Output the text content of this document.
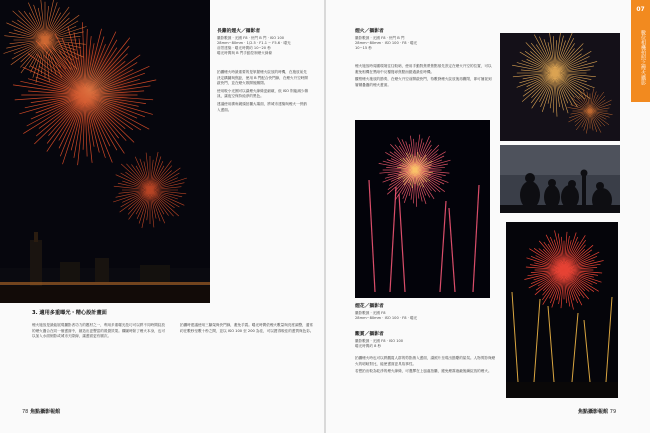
長灘的煙火／攝影者
攝影數據 · 光圈 F8 · 快門 B 門 · ISO 100
28mm~80mm · 1/2.5 · F1.1 ~ F5.6 · 曝光
前景建築 · 曝光時間約 10~20 秒
曝光時間與 B 門手動控制煙火線條

拍攝煙火時最重要的是掌握煙火綻放的時機，在施放前先決定構圖與焦距，使用 B 門配合快門線，在煙火升空時開啟快門，並在煙火散開後關閉。

使用較小光圈可以讓煙火線條更細緻，低 ISO 則能減少雜訊，讓夜空保持純淨的黑色。

建議使用廣角鏡頭拍攝大場面，將城市建築與煙火一併納入畫面。

3. 適用多重曝光・精心設計畫面
煙火施放是最能展現攝影者功力的題材之一，利用多重曝光技巧可以將不同時間綻放的煙火疊合在同一個畫面中，創造出更豐富的視覺效果。構圖時除了煙火本身，也可以加入水面倒影或城市天際線，讓畫面更有層次。
拍攝時建議使用三腳架與快門線，避免手震。曝光時間依煙火數量與亮度調整，通常約在數秒至數十秒之間，並以 ISO 100 至 200 為佳，可以獲得較佳的畫質與色彩。
78 焦點攝影報館
煙火／攝影者
攝影數據 · 光圈 F8 · 快門 B 門
28mm~80mm · ISO 100 · F8 · 曝光
10~15 秒

煙火施放時周圍環境往往較暗，使用手動對焦將焦點預先設定在煙火升空的位置，可以避免相機在黑暗中反覆搜尋焦點而錯過最佳時機。

觀察煙火施放的節奏，在煙火升空前開啟快門，待數發煙火綻放後再關閉，即可捕捉到層層疊疊的煙火畫面。

煙花／攝影者
攝影數據 · 光圈 F8
28mm~80mm · ISO 100 · F8 · 曝光
觀賞／攝影者
攝影數據 · 光圈 F8 · ISO 100
曝光時間約 8 秒

拍攝煙火時也可以將觀賞人群的剪影納入畫面，讓照片呈現出節慶的氣氛。人物剪影與煙火的明暗對比，能使畫面更具故事性。

若想拍出較為乾淨的煙火線條，可選擇在上風處拍攝，避免煙霧遮蔽後續綻放的煙火。

焦點攝影報館 79
07
數位相機拍照之煙火攝影
